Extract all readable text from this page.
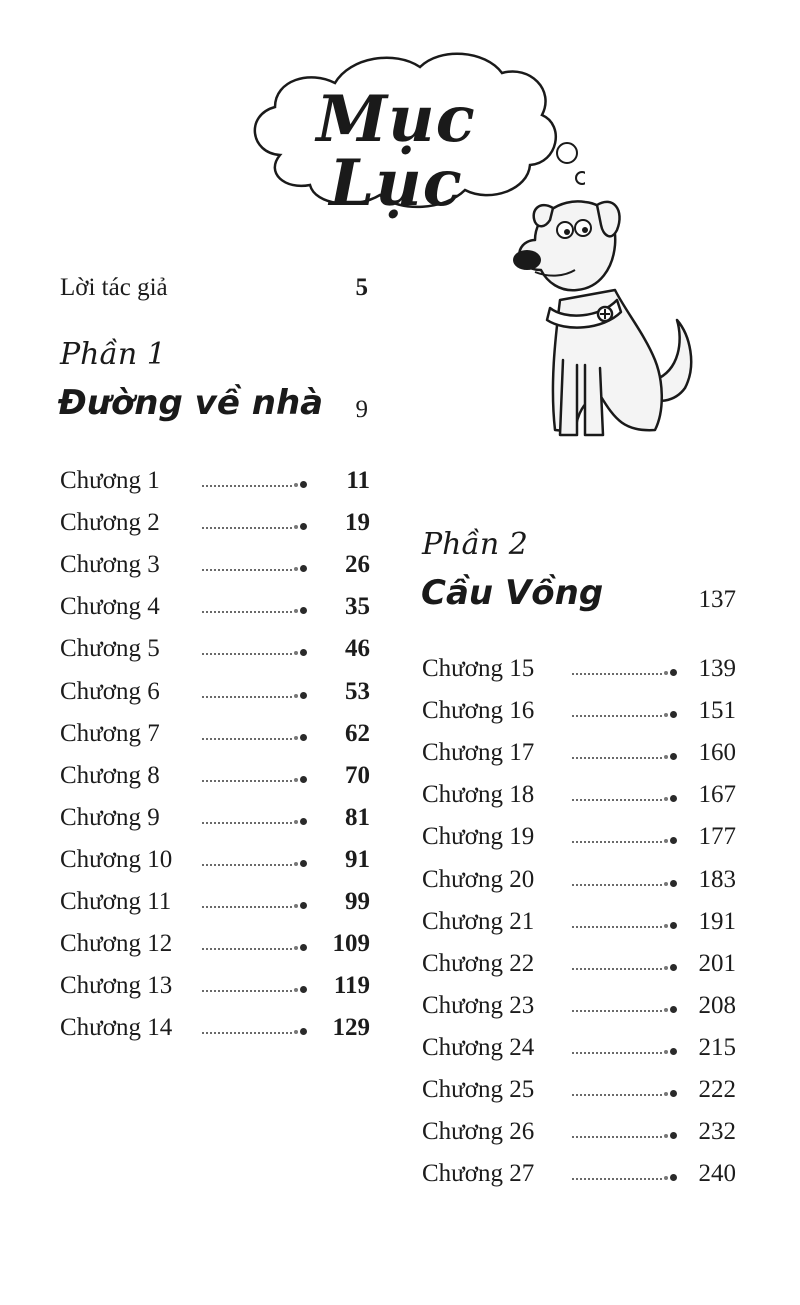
Mục Lục
Lời tác giả	5
Phần 1
Đường về nhà	9
Chương 1	11
Chương 2	19
Chương 3	26
Chương 4	35
Chương 5	46
Chương 6	53
Chương 7	62
Chương 8	70
Chương 9	81
Chương 10	91
Chương 11	99
Chương 12	109
Chương 13	119
Chương 14	129
Phần 2
Cầu Vồng	137
Chương 15	139
Chương 16	151
Chương 17	160
Chương 18	167
Chương 19	177
Chương 20	183
Chương 21	191
Chương 22	201
Chương 23	208
Chương 24	215
Chương 25	222
Chương 26	232
Chương 27	240
